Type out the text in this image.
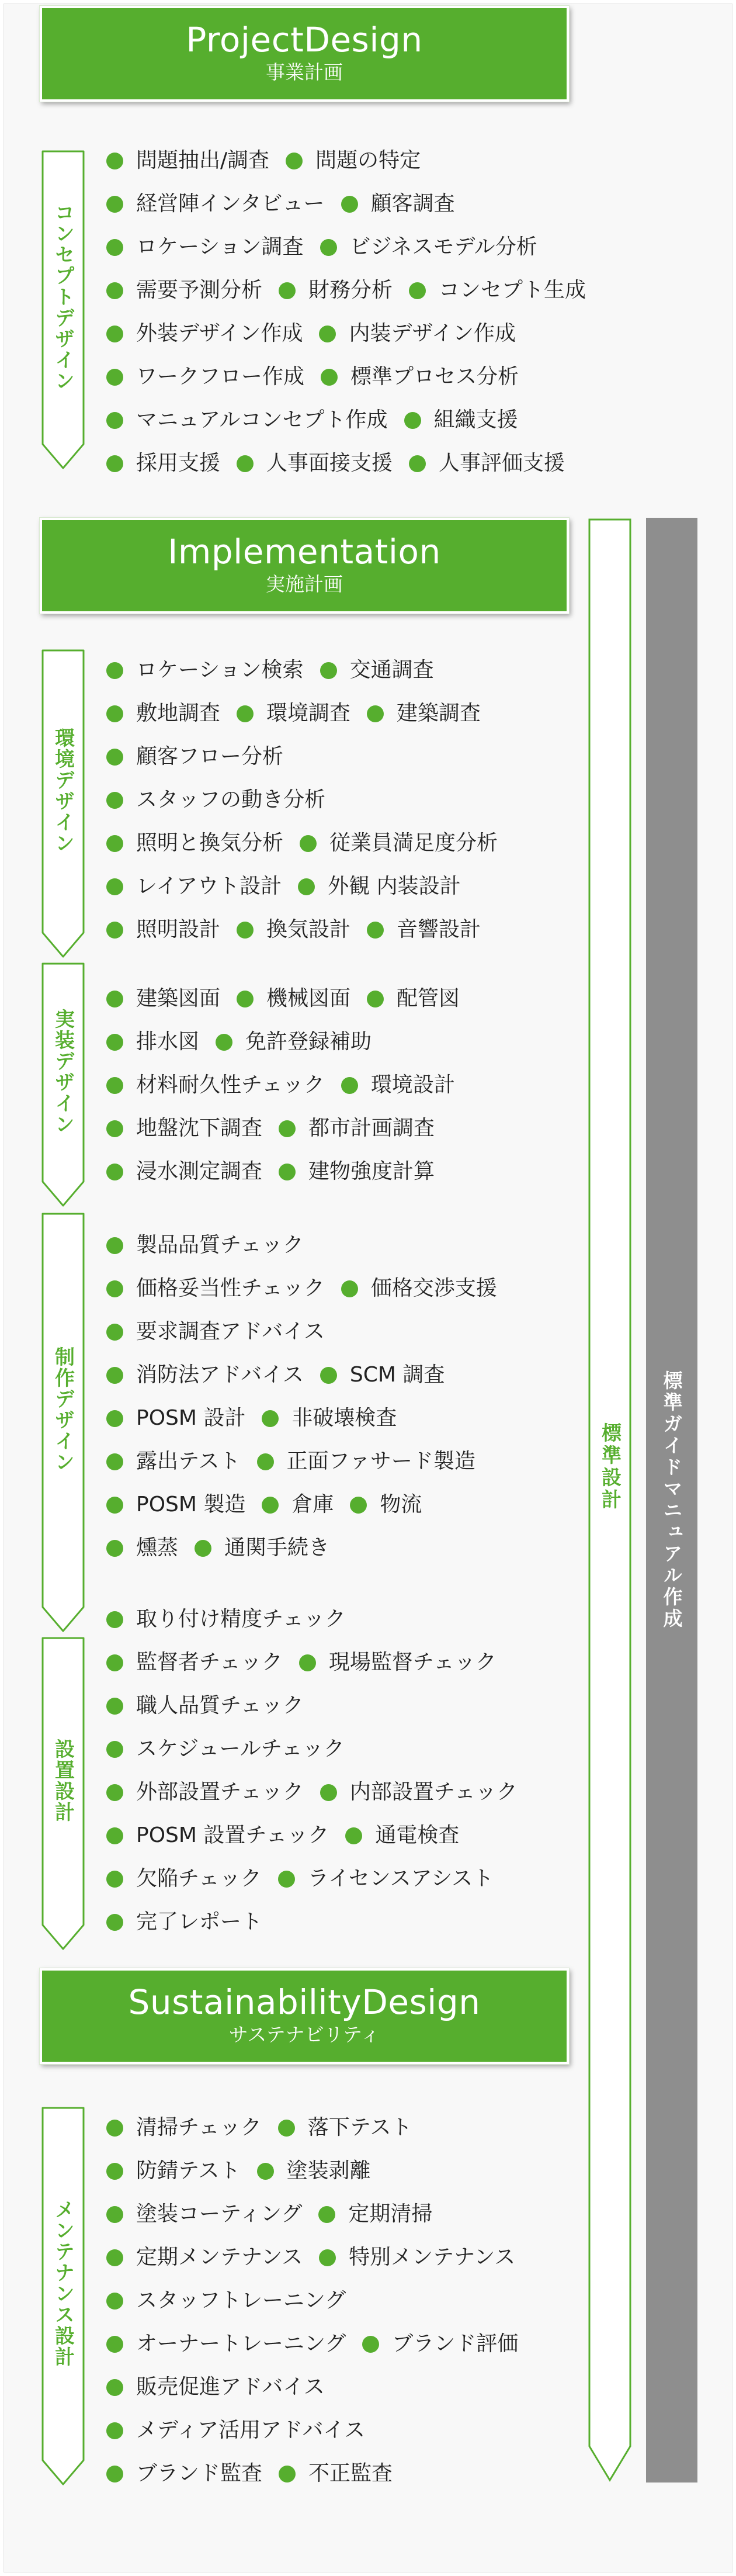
ProjectDesign
事業計画
Implementation
実施計画
SustainabilityDesign
サステナビリティ
標準設計	標準ガイドマニュアル作成
コンセプトデザイン
問題抽出/調査 問題の特定
経営陣インタビュー 顧客調査
ロケーション調査 ビジネスモデル分析
需要予測分析 財務分析 コンセプト生成
外装デザイン作成 内装デザイン作成
ワークフロー作成 標準プロセス分析
マニュアルコンセプト作成 組織支援
採用支援 人事面接支援 人事評価支援
環境デザイン
ロケーション検索 交通調査
敷地調査 環境調査 建築調査
顧客フロー分析
スタッフの動き分析
照明と換気分析 従業員満足度分析
レイアウト設計 外観 内装設計
照明設計 換気設計 音響設計
実装デザイン
建築図面 機械図面 配管図
排水図 免許登録補助
材料耐久性チェック 環境設計
地盤沈下調査 都市計画調査
浸水測定調査 建物強度計算
制作デザイン
製品品質チェック
価格妥当性チェック 価格交渉支援
要求調査アドバイス
消防法アドバイス SCM 調査
POSM 設計 非破壊検査
露出テスト 正面ファサード製造
POSM 製造 倉庫 物流
燻蒸 通関手続き
設置設計
取り付け精度チェック
監督者チェック 現場監督チェック
職人品質チェック
スケジュールチェック
外部設置チェック 内部設置チェック
POSM 設置チェック 通電検査
欠陥チェック ライセンスアシスト
完了レポート
メンテナンス設計
清掃チェック 落下テスト
防錆テスト 塗装剥離
塗装コーティング 定期清掃
定期メンテナンス 特別メンテナンス
スタッフトレーニング
オーナートレーニング ブランド評価
販売促進アドバイス
メディア活用アドバイス
ブランド監査 不正監査
